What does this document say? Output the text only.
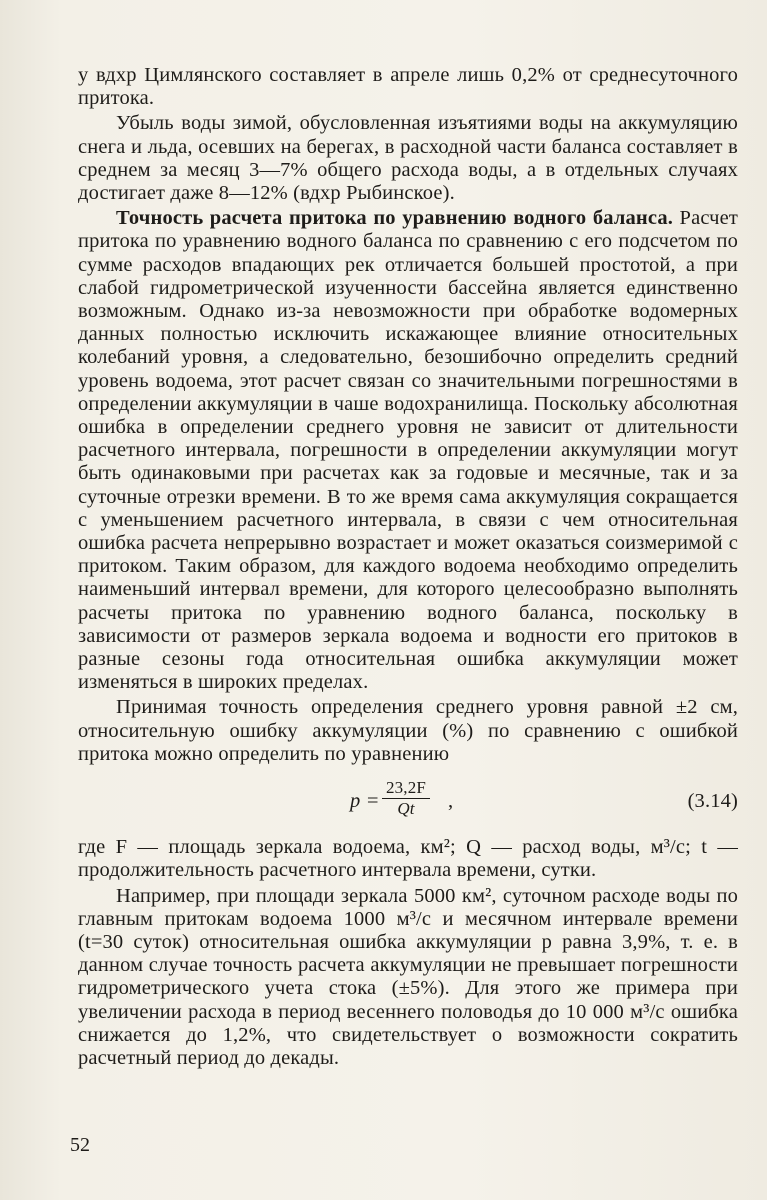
у вдхр Цимлянского составляет в апреле лишь 0,2% от среднесуточного притока.

Убыль воды зимой, обусловленная изъятиями воды на аккумуляцию снега и льда, осевших на берегах, в расходной части баланса составляет в среднем за месяц 3—7% общего расхода воды, а в отдельных случаях достигает даже 8—12% (вдхр Рыбинское).

Точность расчета притока по уравнению водного баланса. Расчет притока по уравнению водного баланса по сравнению с его подсчетом по сумме расходов впадающих рек отличается большей простотой, а при слабой гидрометрической изученности бассейна является единственно возможным. Однако из-за невозможности при обработке водомерных данных полностью исключить искажающее влияние относительных колебаний уровня, а следовательно, безошибочно определить средний уровень водоема, этот расчет связан со значительными погрешностями в определении аккумуляции в чаше водохранилища. Поскольку абсолютная ошибка в определении среднего уровня не зависит от длительности расчетного интервала, погрешности в определении аккумуляции могут быть одинаковыми при расчетах как за годовые и месячные, так и за суточные отрезки времени. В то же время сама аккумуляция сокращается с уменьшением расчетного интервала, в связи с чем относительная ошибка расчета непрерывно возрастает и может оказаться соизмеримой с притоком. Таким образом, для каждого водоема необходимо определить наименьший интервал времени, для которого целесообразно выполнять расчеты притока по уравнению водного баланса, поскольку в зависимости от размеров зеркала водоема и водности его притоков в разные сезоны года относительная ошибка аккумуляции может изменяться в широких пределах.

Принимая точность определения среднего уровня равной ±2 см, относительную ошибку аккумуляции (%) по сравнению с ошибкой притока можно определить по уравнению

$p = \frac{23,2F}{Qt}$ ,	(3.14)

где F — площадь зеркала водоема, км²; Q — расход воды, м³/с; t — продолжительность расчетного интервала времени, сутки.

Например, при площади зеркала 5000 км², суточном расходе воды по главным притокам водоема 1000 м³/с и месячном интервале времени (t=30 суток) относительная ошибка аккумуляции p равна 3,9%, т. е. в данном случае точность расчета аккумуляции не превышает погрешности гидрометрического учета стока (±5%). Для этого же примера при увеличении расхода в период весеннего половодья до 10 000 м³/с ошибка снижается до 1,2%, что свидетельствует о возможности сократить расчетный период до декады.

52
